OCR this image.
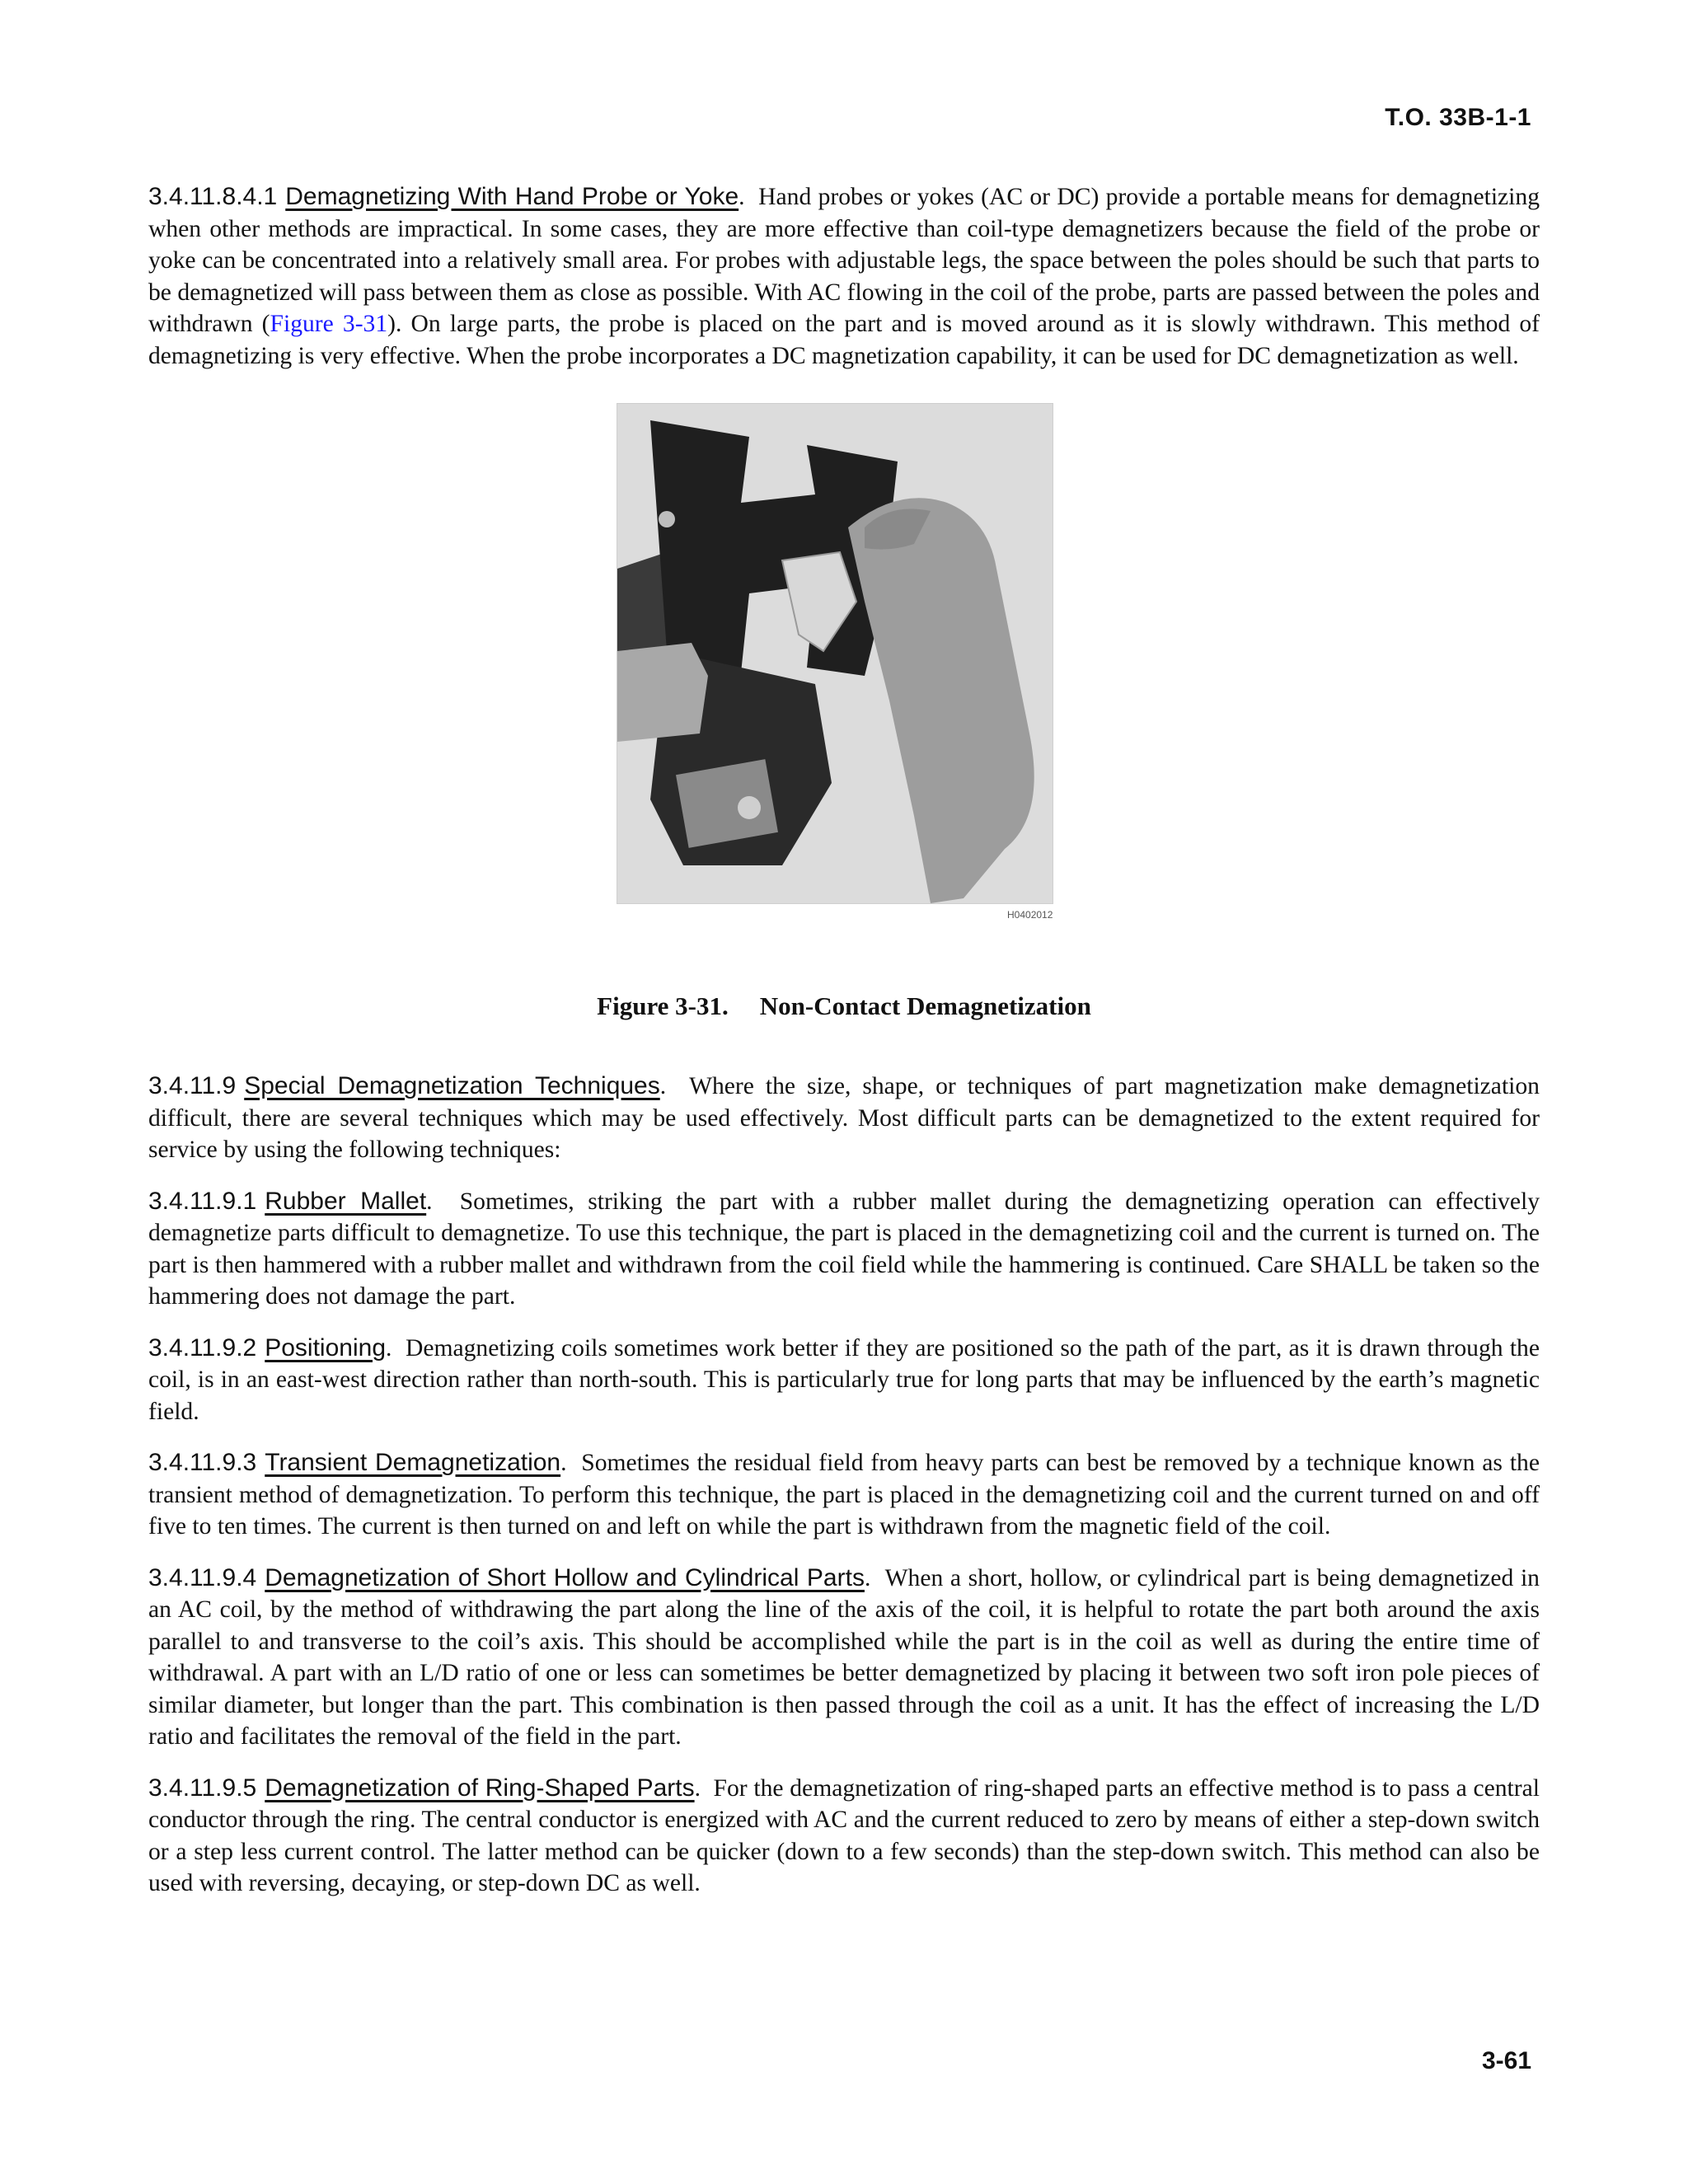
T.O. 33B-1-1

3.4.11.8.4.1 Demagnetizing With Hand Probe or Yoke.  Hand probes or yokes (AC or DC) provide a portable means for demagnetizing when other methods are impractical. In some cases, they are more effective than coil-type demagnetizers because the field of the probe or yoke can be concentrated into a relatively small area. For probes with adjustable legs, the space between the poles should be such that parts to be demagnetized will pass between them as close as possible. With AC flowing in the coil of the probe, parts are passed between the poles and withdrawn (Figure 3-31). On large parts, the probe is placed on the part and is moved around as it is slowly withdrawn. This method of demagnetizing is very effective. When the probe incorporates a DC magnetization capability, it can be used for DC demagnetization as well.

H0402012
Figure 3-31. Non-Contact Demagnetization

3.4.11.9 Special Demagnetization Techniques.  Where the size, shape, or techniques of part magnetization make demagnetization difficult, there are several techniques which may be used effectively. Most difficult parts can be demagnetized to the extent required for service by using the following techniques:

3.4.11.9.1 Rubber Mallet.  Sometimes, striking the part with a rubber mallet during the demagnetizing operation can effectively demagnetize parts difficult to demagnetize. To use this technique, the part is placed in the demagnetizing coil and the current is turned on. The part is then hammered with a rubber mallet and withdrawn from the coil field while the hammering is continued. Care SHALL be taken so the hammering does not damage the part.

3.4.11.9.2 Positioning.  Demagnetizing coils sometimes work better if they are positioned so the path of the part, as it is drawn through the coil, is in an east-west direction rather than north-south. This is particularly true for long parts that may be influenced by the earth’s magnetic field.

3.4.11.9.3 Transient Demagnetization.  Sometimes the residual field from heavy parts can best be removed by a technique known as the transient method of demagnetization. To perform this technique, the part is placed in the demagnetizing coil and the current turned on and off five to ten times. The current is then turned on and left on while the part is withdrawn from the magnetic field of the coil.

3.4.11.9.4 Demagnetization of Short Hollow and Cylindrical Parts.  When a short, hollow, or cylindrical part is being demagnetized in an AC coil, by the method of withdrawing the part along the line of the axis of the coil, it is helpful to rotate the part both around the axis parallel to and transverse to the coil’s axis. This should be accomplished while the part is in the coil as well as during the entire time of withdrawal. A part with an L/D ratio of one or less can sometimes be better demagnetized by placing it between two soft iron pole pieces of similar diameter, but longer than the part. This combination is then passed through the coil as a unit. It has the effect of increasing the L/D ratio and facilitates the removal of the field in the part.

3.4.11.9.5 Demagnetization of Ring-Shaped Parts.  For the demagnetization of ring-shaped parts an effective method is to pass a central conductor through the ring. The central conductor is energized with AC and the current reduced to zero by means of either a step-down switch or a step less current control. The latter method can be quicker (down to a few seconds) than the step-down switch. This method can also be used with reversing, decaying, or step-down DC as well.

3-61
